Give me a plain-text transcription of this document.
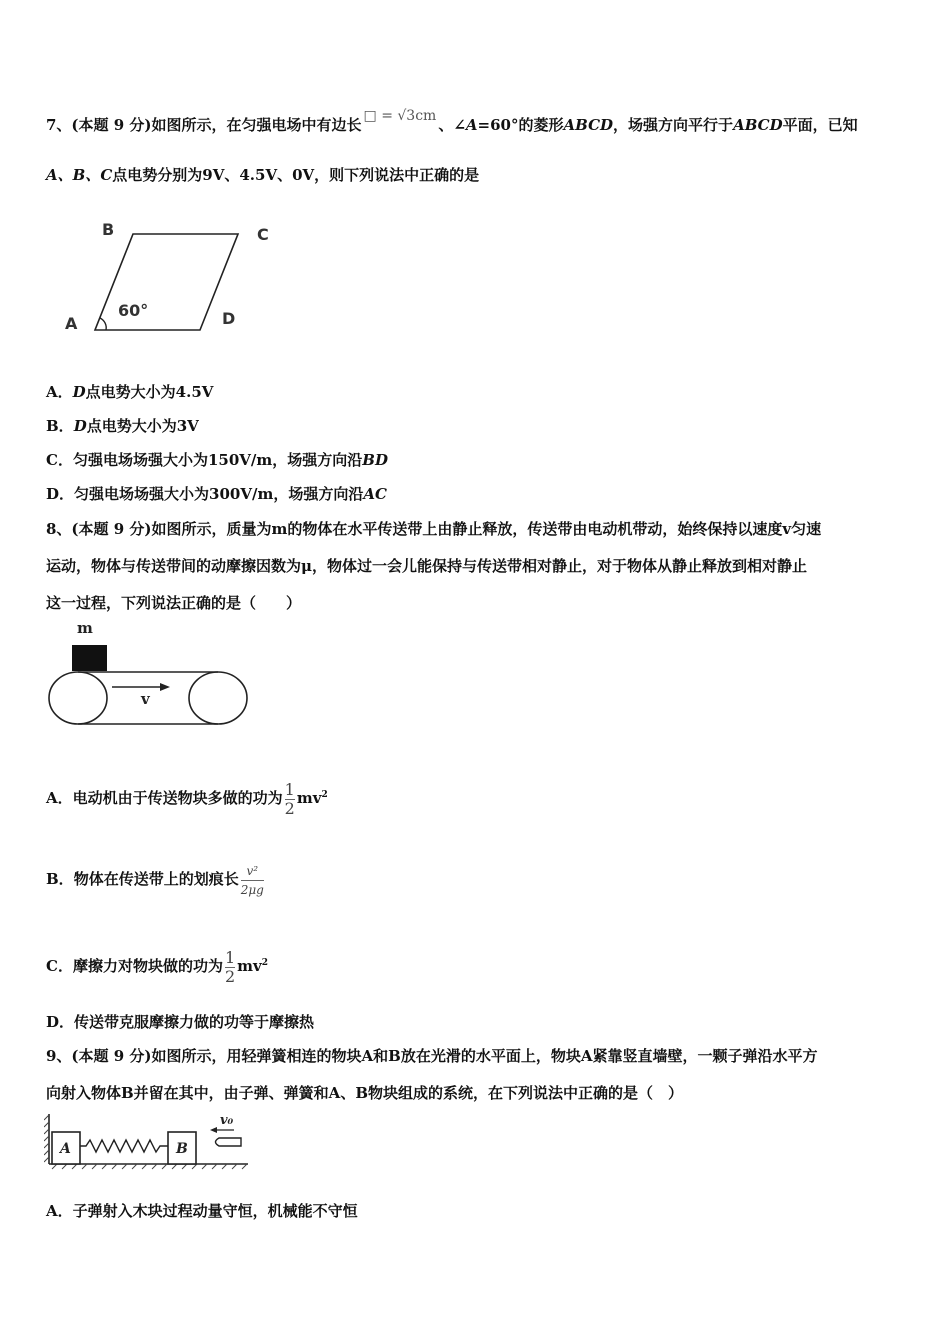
7、(本题 9 分)如图所示，在匀强电场中有边长 □ = √3cm 、∠A=60°的菱形ABCD，场强方向平行于ABCD平面，已知
A、B、C点电势分别为9V、4.5V、0V，则下列说法中正确的是
B	C
A	D
60°
A．D点电势大小为4.5V
B．D点电势大小为3V
C．匀强电场场强大小为150V/m，场强方向沿BD
D．匀强电场场强大小为300V/m，场强方向沿AC
8、(本题 9 分)如图所示，质量为m的物体在水平传送带上由静止释放，传送带由电动机带动，始终保持以速度v匀速
运动，物体与传送带间的动摩擦因数为μ，物体过一会儿能保持与传送带相对静止，对于物体从静止释放到相对静止
这一过程，下列说法正确的是（　　）
m
v
A．电动机由于传送物块多做的功为 $\frac{1}{2} mv^2$
B．物体在传送带上的划痕长 $\frac{\text{v²}}{2\mu g}$
C．摩擦力对物块做的功为 $\frac{1}{2} mv^2$
D．传送带克服摩擦力做的功等于摩擦热
9、(本题 9 分)如图所示，用轻弹簧相连的物块A和B放在光滑的水平面上，物块A紧靠竖直墙壁，一颗子弹沿水平方
向射入物体B并留在其中，由子弹、弹簧和A、B物块组成的系统，在下列说法中正确的是（　）
A	B
v₀
A．子弹射入木块过程动量守恒，机械能不守恒
